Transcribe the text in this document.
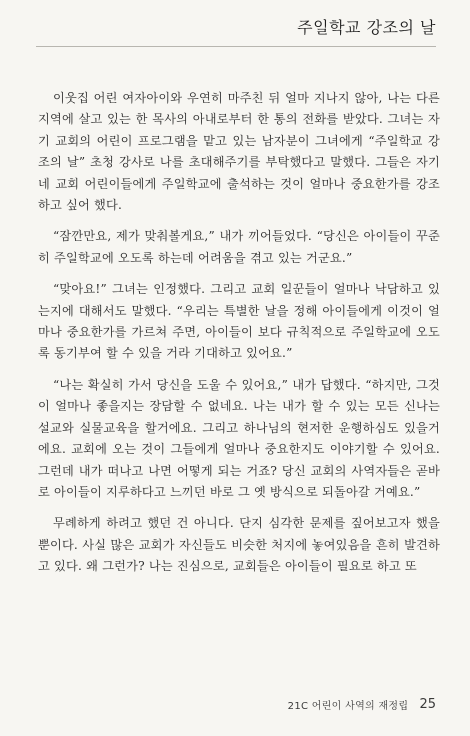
주일학교 강조의 날

이웃집 어린 여자아이와 우연히 마주친 뒤 얼마 지나지 않아, 나는 다른 지역에 살고 있는 한 목사의 아내로부터 한 통의 전화를 받았다. 그녀는 자기 교회의 어린이 프로그램을 맡고 있는 남자분이 그녀에게 “주일학교 강조의 날” 초청 강사로 나를 초대해주기를 부탁했다고 말했다. 그들은 자기네 교회 어린이들에게 주일학교에 출석하는 것이 얼마나 중요한가를 강조하고 싶어 했다.

“잠깐만요, 제가 맞춰볼게요,” 내가 끼어들었다. “당신은 아이들이 꾸준히 주일학교에 오도록 하는데 어려움을 겪고 있는 거군요.”

“맞아요!” 그녀는 인정했다. 그리고 교회 일꾼들이 얼마나 낙담하고 있는지에 대해서도 말했다. “우리는 특별한 날을 정해 아이들에게 이것이 얼마나 중요한가를 가르쳐 주면, 아이들이 보다 규칙적으로 주일학교에 오도록 동기부여 할 수 있을 거라 기대하고 있어요.”

“나는 확실히 가서 당신을 도울 수 있어요,” 내가 답했다. “하지만, 그것이 얼마나 좋을지는 장담할 수 없네요. 나는 내가 할 수 있는 모든 신나는 설교와 실물교육을 할거에요. 그리고 하나님의 현저한 운행하심도 있을거에요. 교회에 오는 것이 그들에게 얼마나 중요한지도 이야기할 수 있어요. 그런데 내가 떠나고 나면 어떻게 되는 거죠? 당신 교회의 사역자들은 곧바로 아이들이 지루하다고 느끼던 바로 그 옛 방식으로 되돌아갈 거예요.”

무례하게 하려고 했던 건 아니다. 단지 심각한 문제를 짚어보고자 했을 뿐이다. 사실 많은 교회가 자신들도 비슷한 처지에 놓여있음을 흔히 발견하고 있다. 왜 그런가? 나는 진심으로, 교회들은 아이들이 필요로 하고 또

21C 어린이 사역의 재정립 25
